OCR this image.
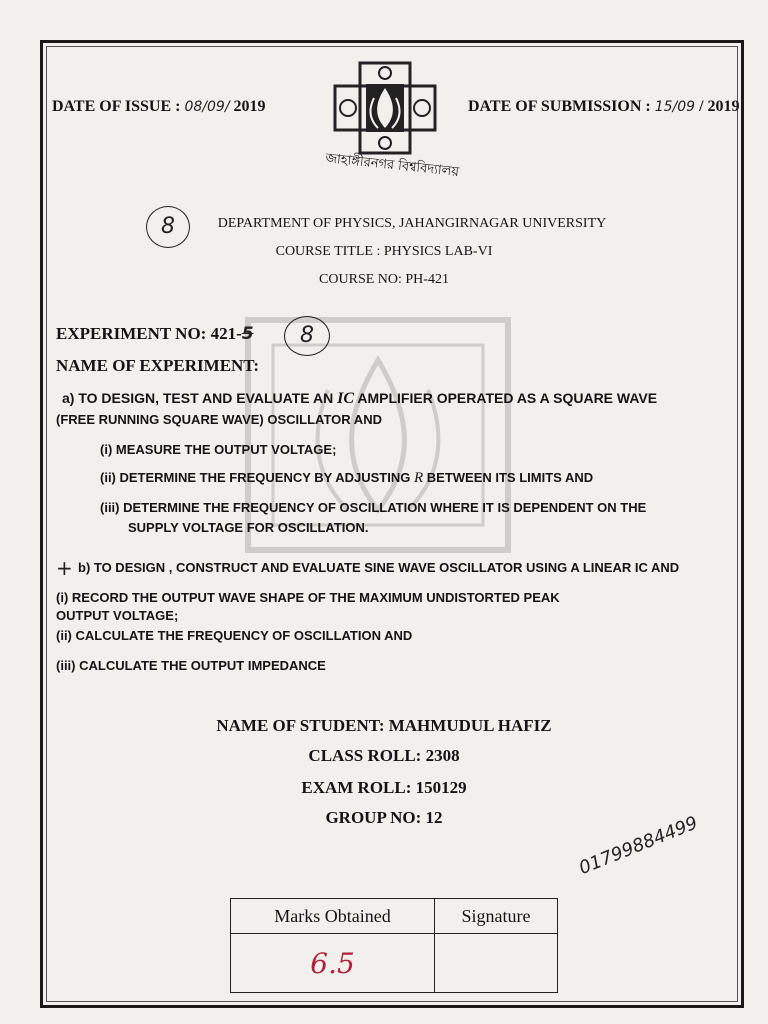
DATE OF ISSUE : 08/09/ 2019
জাহাঙ্গীরনগর বিশ্ববিদ্যালয়
DATE OF SUBMISSION : 15/09 / 2019
8	DEPARTMENT OF PHYSICS, JAHANGIRNAGAR UNIVERSITY
COURSE TITLE : PHYSICS LAB-VI
COURSE NO: PH-421
EXPERIMENT NO: 421-5	8
NAME OF EXPERIMENT:
a) TO DESIGN, TEST AND EVALUATE AN IC AMPLIFIER OPERATED AS A SQUARE WAVE
(FREE RUNNING SQUARE WAVE) OSCILLATOR AND
(i) MEASURE THE OUTPUT VOLTAGE;
(ii) DETERMINE THE FREQUENCY BY ADJUSTING R BETWEEN ITS LIMITS AND
(iii) DETERMINE THE FREQUENCY OF OSCILLATION WHERE IT IS DEPENDENT ON THE
SUPPLY VOLTAGE FOR OSCILLATION.
+ b) TO DESIGN , CONSTRUCT AND EVALUATE SINE WAVE OSCILLATOR USING A LINEAR IC AND
(i) RECORD THE OUTPUT WAVE SHAPE OF THE MAXIMUM UNDISTORTED PEAK
OUTPUT VOLTAGE;
(ii) CALCULATE THE FREQUENCY OF OSCILLATION AND
(iii) CALCULATE THE OUTPUT IMPEDANCE
NAME OF STUDENT: MAHMUDUL HAFIZ
CLASS ROLL: 2308
EXAM ROLL: 150129
GROUP NO: 12	01799884499
Marks Obtained	Signature
6.5	
